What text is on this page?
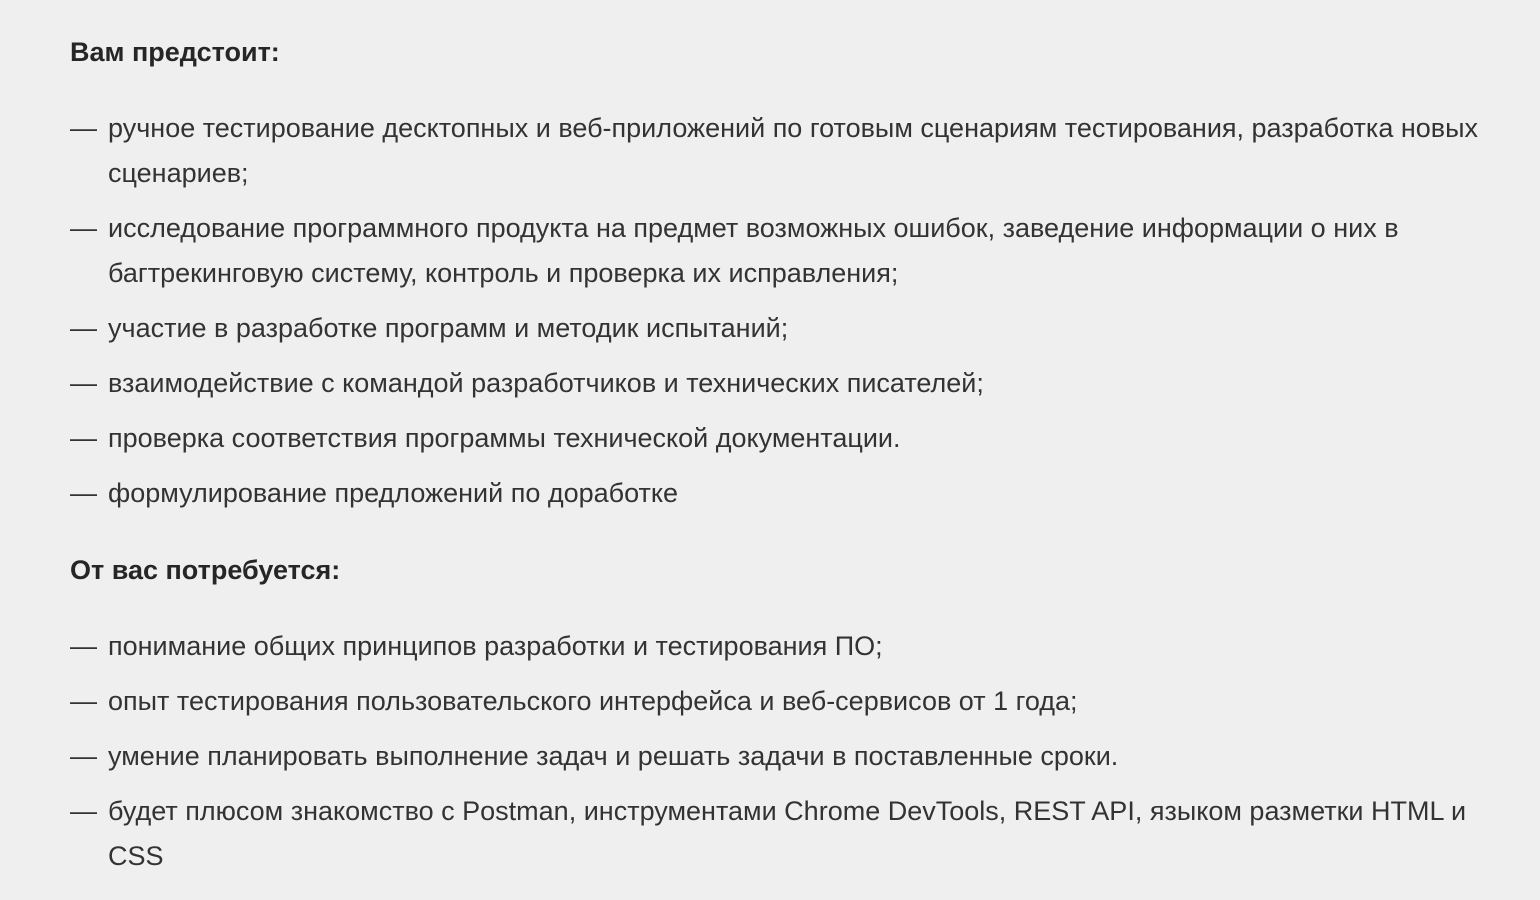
Вам предстоит:
— ручное тестирование десктопных и веб-приложений по готовым сценариям тестирования, разработка новых сценариев;
— исследование программного продукта на предмет возможных ошибок, заведение информации о них в багтрекинговую систему, контроль и проверка их исправления;
— участие в разработке программ и методик испытаний;
— взаимодействие с командой разработчиков и технических писателей;
— проверка соответствия программы технической документации.
— формулирование предложений по доработке
От вас потребуется:
— понимание общих принципов разработки и тестирования ПО;
— опыт тестирования пользовательского интерфейса и веб-сервисов от 1 года;
— умение планировать выполнение задач и решать задачи в поставленные сроки.
— будет плюсом знакомство с Postman, инструментами Chrome DevTools, REST API, языком разметки HTML и CSS
